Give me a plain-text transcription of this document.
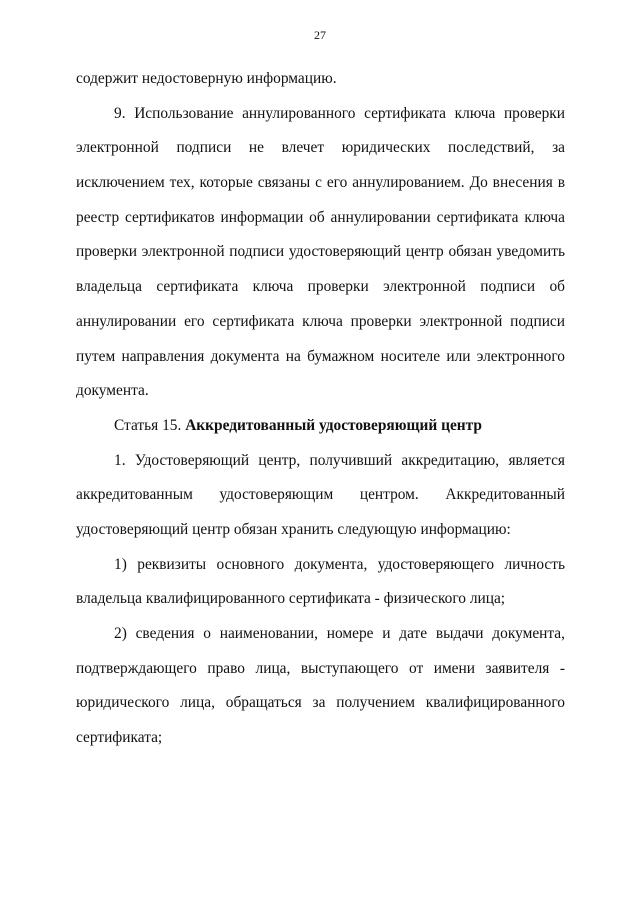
27
содержит недостоверную информацию.
9. Использование аннулированного сертификата ключа проверки
электронной подписи не влечет юридических последствий, за
исключением тех, которые связаны с его аннулированием. До внесения в
реестр сертификатов информации об аннулировании сертификата ключа
проверки электронной подписи удостоверяющий центр обязан уведомить
владельца сертификата ключа проверки электронной подписи об
аннулировании его сертификата ключа проверки электронной подписи
путем направления документа на бумажном носителе или электронного
документа.
Статья 15. Аккредитованный удостоверяющий центр
1. Удостоверяющий центр, получивший аккредитацию, является
аккредитованным удостоверяющим центром. Аккредитованный
удостоверяющий центр обязан хранить следующую информацию:
1) реквизиты основного документа, удостоверяющего личность
владельца квалифицированного сертификата - физического лица;
2) сведения о наименовании, номере и дате выдачи документа,
подтверждающего право лица, выступающего от имени заявителя -
юридического лица, обращаться за получением квалифицированного
сертификата;
